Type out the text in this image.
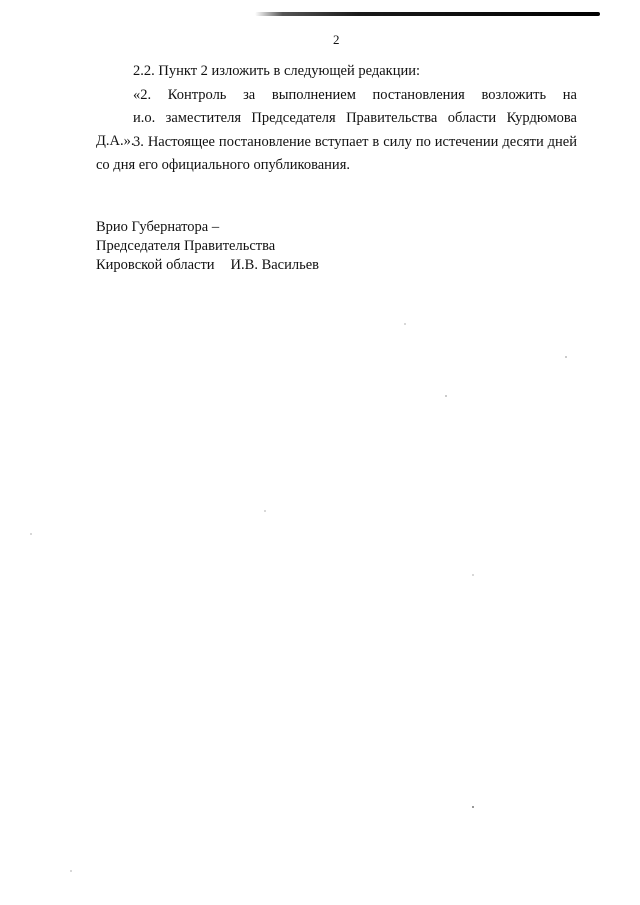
2

2.2. Пункт 2 изложить в следующей редакции:

«2. Контроль за выполнением постановления возложить на
и.о. заместителя Председателя Правительства области Курдюмова Д.А.».

3. Настоящее постановление вступает в силу по истечении десяти дней со дня его официального опубликования.

Врио Губернатора –
Председателя Правительства
Кировской области И.В. Васильев
